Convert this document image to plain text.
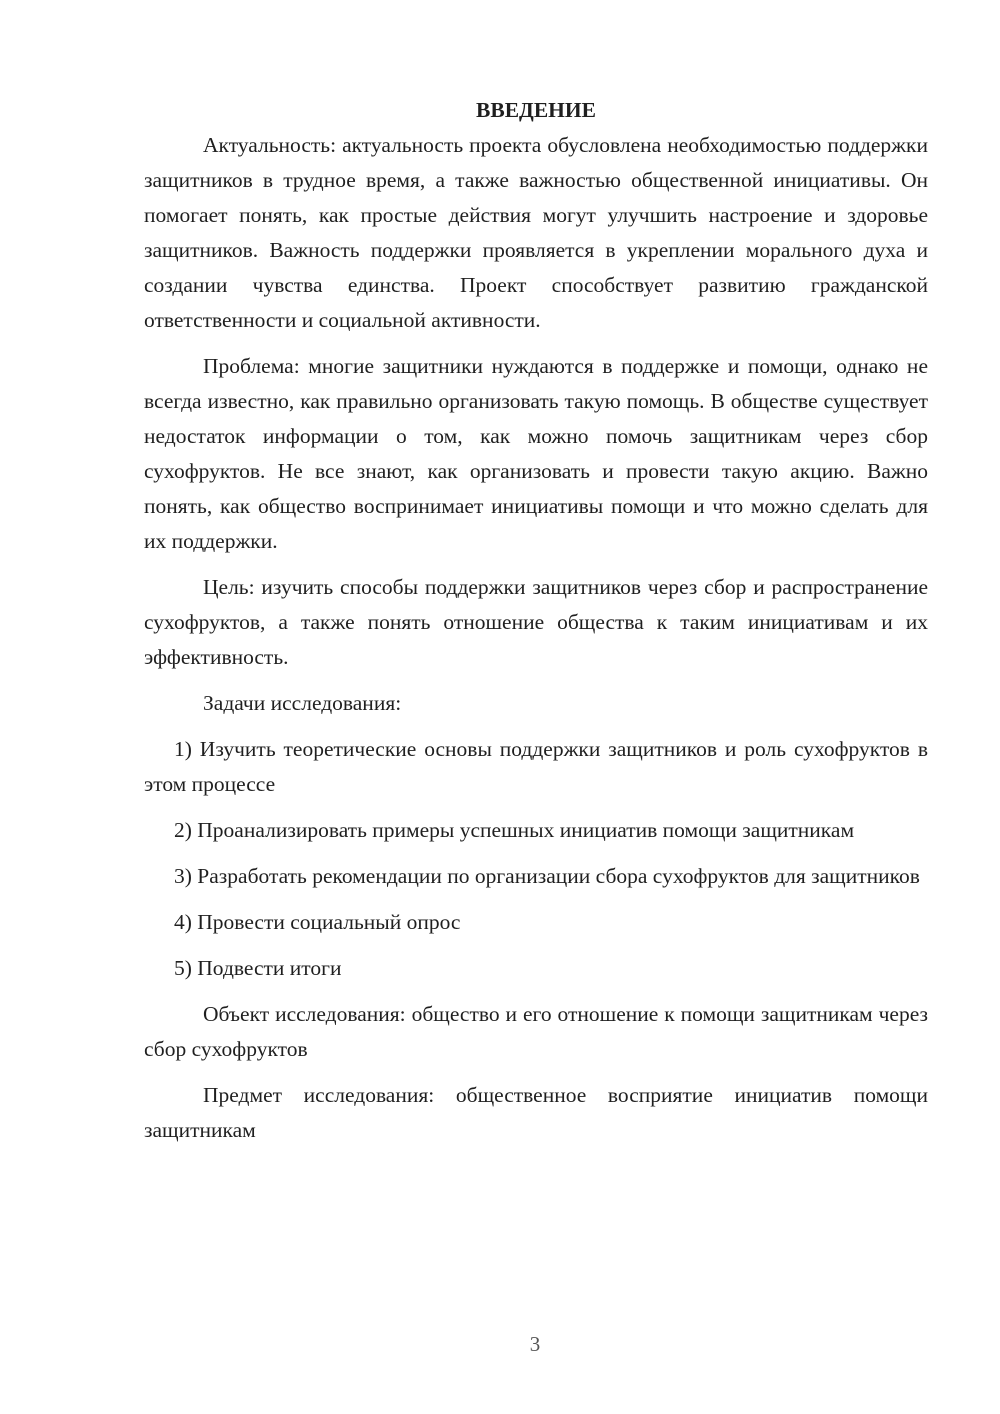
ВВЕДЕНИЕ

Актуальность: актуальность проекта обусловлена необходимостью поддержки защитников в трудное время, а также важностью общественной инициативы. Он помогает понять, как простые действия могут улучшить настроение и здоровье защитников. Важность поддержки проявляется в укреплении морального духа и создании чувства единства. Проект способствует развитию гражданской ответственности и социальной активности.

Проблема: многие защитники нуждаются в поддержке и помощи, однако не всегда известно, как правильно организовать такую помощь. В обществе существует недостаток информации о том, как можно помочь защитникам через сбор сухофруктов. Не все знают, как организовать и провести такую акцию. Важно понять, как общество воспринимает инициативы помощи и что можно сделать для их поддержки.

Цель: изучить способы поддержки защитников через сбор и распространение сухофруктов, а также понять отношение общества к таким инициативам и их эффективность.

Задачи исследования:

1) Изучить теоретические основы поддержки защитников и роль сухофруктов в этом процессе

2) Проанализировать примеры успешных инициатив помощи защитникам

3) Разработать рекомендации по организации сбора сухофруктов для защитников

4) Провести социальный опрос

5) Подвести итоги

Объект исследования: общество и его отношение к помощи защитникам через сбор сухофруктов

Предмет исследования: общественное восприятие инициатив помощи защитникам

3
